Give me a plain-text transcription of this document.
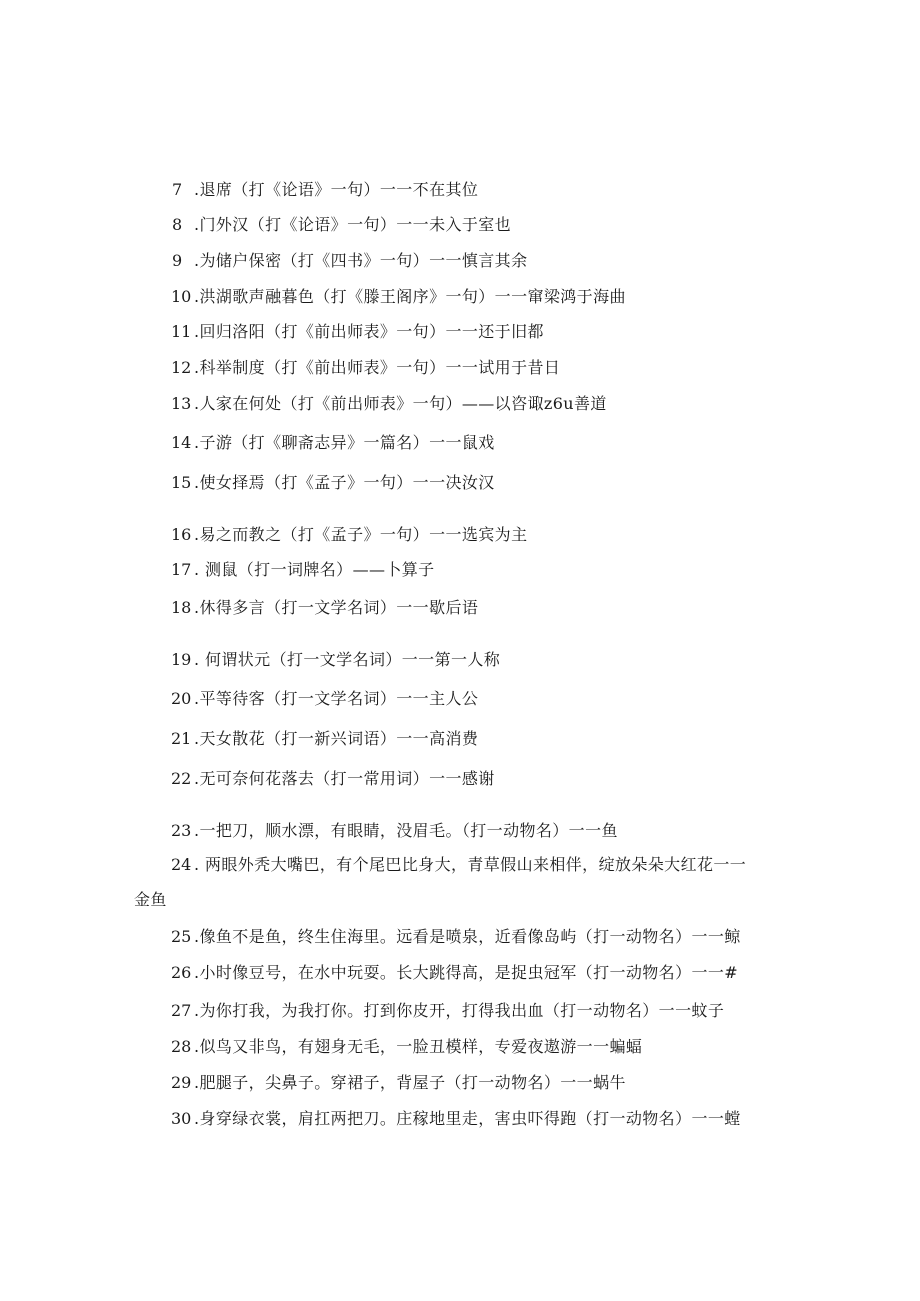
7 .退席（打《论语》一句）一一不在其位
8 .门外汉（打《论语》一句）一一未入于室也
9 .为储户保密（打《四书》一句）一一慎言其余
10 .洪湖歌声融暮色（打《滕王阁序》一句）一一窜梁鸿于海曲
11 .回归洛阳（打《前出师表》一句）一一还于旧都
12 .科举制度（打《前出师表》一句）一一试用于昔日
13 .人家在何处（打《前出师表》一句）——以咨诹z6u善道
14 .子游（打《聊斋志异》一篇名）一一鼠戏
15 .使女择焉（打《孟子》一句）一一决汝汉
16 .易之而教之（打《孟子》一句）一一选宾为主
17 . 测鼠（打一词牌名）——卜算子
18 .休得多言（打一文学名词）一一歇后语
19 . 何谓状元（打一文学名词）一一第一人称
20 .平等待客（打一文学名词）一一主人公
21 .天女散花（打一新兴词语）一一高消费
22 .无可奈何花落去（打一常用词）一一感谢
23 .一把刀，顺水漂，有眼睛，没眉毛。（打一动物名）一一鱼
24 . 两眼外秃大嘴巴，有个尾巴比身大，青草假山来相伴，绽放朵朵大红花一一
金鱼
25 .像鱼不是鱼，终生住海里。远看是喷泉，近看像岛屿（打一动物名）一一鲸
26 .小时像豆号，在水中玩耍。长大跳得高，是捉虫冠军（打一动物名）一一#
27 .为你打我，为我打你。打到你皮开，打得我出血（打一动物名）一一蚊子
28 .似鸟又非鸟，有翅身无毛，一脸丑模样，专爱夜遨游一一蝙蝠
29 .肥腿子，尖鼻子。穿裙子，背屋子（打一动物名）一一蜗牛
30 .身穿绿衣裳，肩扛两把刀。庄稼地里走，害虫吓得跑（打一动物名）一一螳
